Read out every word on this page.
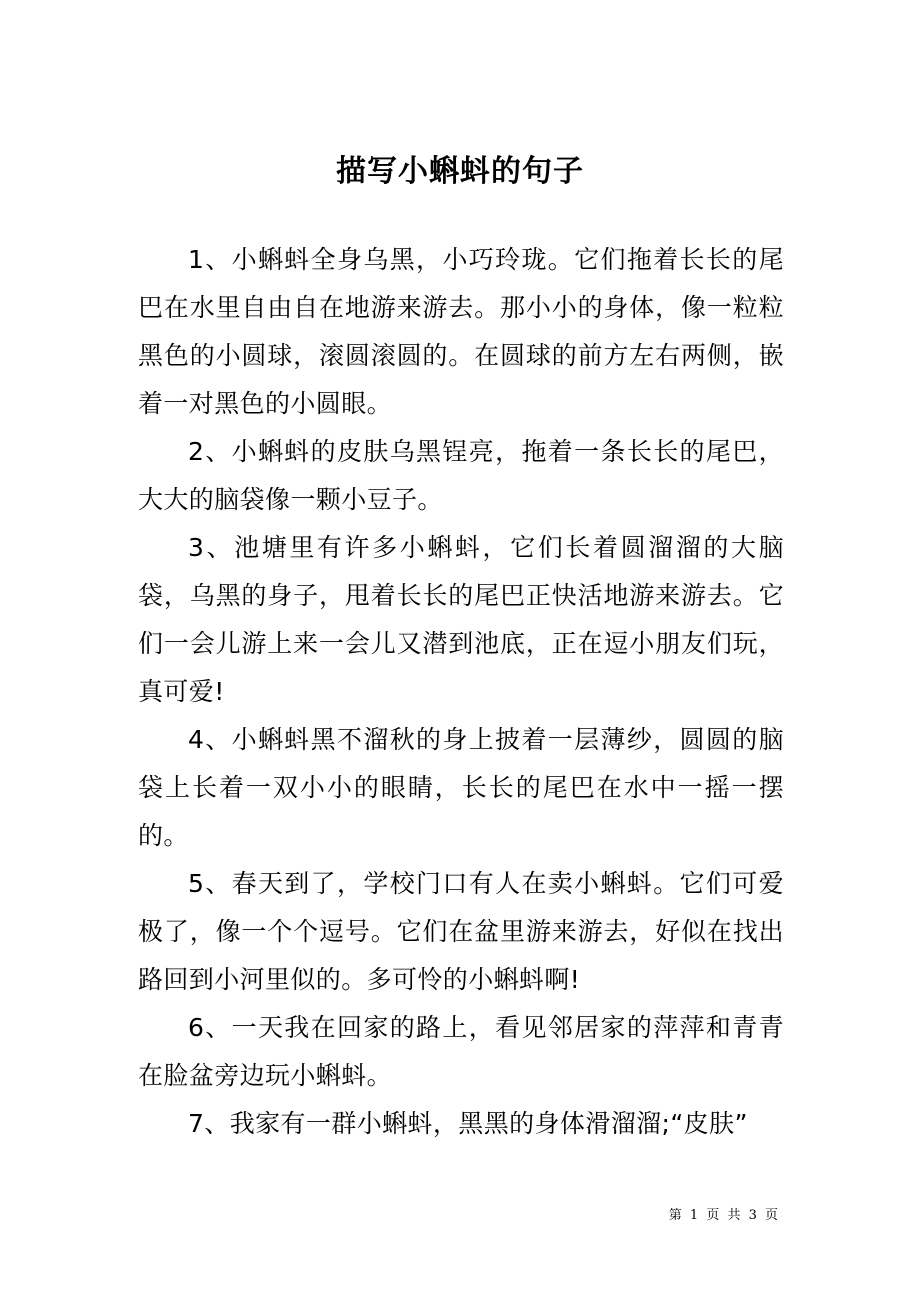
描写小蝌蚪的句子

1、小蝌蚪全身乌黑，小巧玲珑。它们拖着长长的尾巴在水里自由自在地游来游去。那小小的身体，像一粒粒黑色的小圆球，滚圆滚圆的。在圆球的前方左右两侧，嵌着一对黑色的小圆眼。

2、小蝌蚪的皮肤乌黑锃亮，拖着一条长长的尾巴，大大的脑袋像一颗小豆子。

3、池塘里有许多小蝌蚪，它们长着圆溜溜的大脑袋，乌黑的身子，甩着长长的尾巴正快活地游来游去。它们一会儿游上来一会儿又潜到池底，正在逗小朋友们玩，真可爱!

4、小蝌蚪黑不溜秋的身上披着一层薄纱，圆圆的脑袋上长着一双小小的眼睛，长长的尾巴在水中一摇一摆的。

5、春天到了，学校门口有人在卖小蝌蚪。它们可爱极了，像一个个逗号。它们在盆里游来游去，好似在找出路回到小河里似的。多可怜的小蝌蚪啊!

6、一天我在回家的路上，看见邻居家的萍萍和青青在脸盆旁边玩小蝌蚪。

7、我家有一群小蝌蚪，黑黑的身体滑溜溜;“皮肤”

第 1 页 共 3 页
